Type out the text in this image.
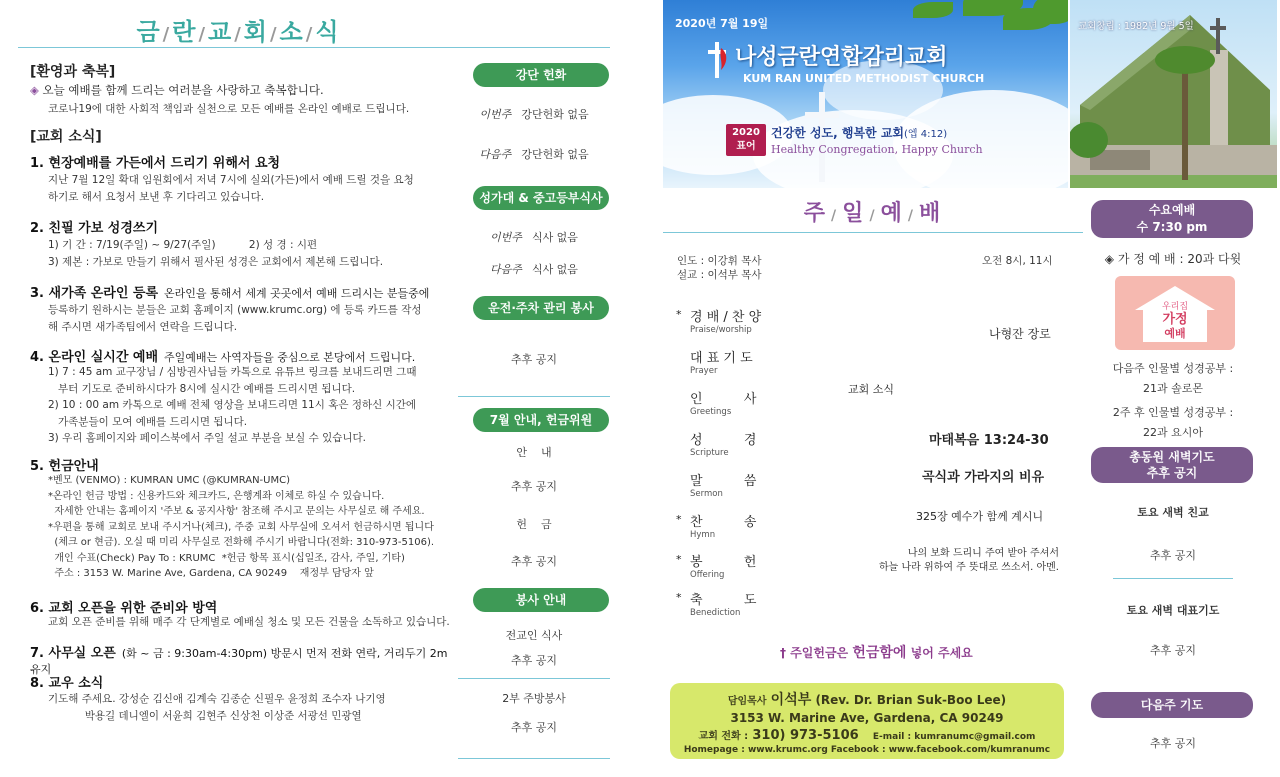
금 /란 /교 /회 /소 /식
[환영과 축복]
◈ 오늘 예배를 함께 드리는 여러분을 사랑하고 축복합니다.
코로나19에 대한 사회적 책임과 실천으로 모든 예배를 온라인 예배로 드립니다.
[교회 소식]
1. 현장예배를 가든에서 드리기 위해서 요청
지난 7월 12일 확대 임원회에서 저녁 7시에 실외(가든)에서 예배 드릴 것을 요청
하기로 해서 요청서 보낸 후 기다리고 있습니다.
2. 친필 가보 성경쓰기
1) 기 간 : 7/19(주일) ~ 9/27(주일)          2) 성 경 : 시편
3) 제본 : 가보로 만들기 위해서 필사된 성경은 교회에서 제본해 드립니다.
3. 새가족 온라인 등록 온라인을 통해서 세계 곳곳에서 예배 드리시는 분들중에
등록하기 원하시는 분들은 교회 홈페이지 (www.krumc.org) 에 등록 카드를 작성
해 주시면 새가족팀에서 연락을 드립니다.
4. 온라인 실시간 예배 주일예배는 사역자들을 중심으로 본당에서 드립니다.
1) 7 : 45 am 교구장님 / 심방권사님들 카톡으로 유튜브 링크를 보내드리면 그때
부터 기도로 준비하시다가 8시에 실시간 예배를 드리시면 됩니다.
2) 10 : 00 am 카톡으로 예배 전체 영상을 보내드리면 11시 혹은 정하신 시간에
가족분들이 모여 예배를 드리시면 됩니다.
3) 우리 홈페이지와 페이스북에서 주일 설교 부분을 보실 수 있습니다.
5. 헌금안내
*벤모 (VENMO) : KUMRAN UMC (@KUMRAN-UMC)
*온라인 헌금 방법 : 신용카드와 체크카드, 은행계좌 이체로 하실 수 있습니다.
자세한 안내는 홈페이지 '주보 & 공지사항' 참조해 주시고 문의는 사무실로 해 주세요.
*우편을 통해 교회로 보내 주시거나(체크), 주중 교회 사무실에 오셔서 헌금하시면 됩니다
(체크 or 현금). 오실 때 미리 사무실로 전화해 주시기 바랍니다(전화: 310-973-5106).
개인 수표(Check) Pay To : KRUMC  *헌금 항목 표시(십일조, 감사, 주일, 기타)
주소 : 3153 W. Marine Ave, Gardena, CA 90249    재정부 담당자 앞
6. 교회 오픈을 위한 준비와 방역
교회 오픈 준비를 위해 매주 각 단계별로 예배실 청소 및 모든 건물을 소독하고 있습니다.
7. 사무실 오픈 (화 ~ 금 : 9:30am-4:30pm) 방문시 먼저 전화 연락, 거리두기 2m 유지
8. 교우 소식
기도해 주세요. 강성순 김신애 김계숙 김종순 신필우 윤정희 조수자 나기영
박용길 데니엘이 서윤희 김현주 신상천 이상준 서광선 민광열
강단 헌화
이번주 강단헌화 없음
다음주 강단헌화 없음
성가대 & 중고등부식사
이번주 식사 없음
다음주 식사 없음
운전·주차 관리 봉사
추후 공지
7월 안내, 헌금위원
안    내
추후 공지
헌    금
추후 공지
봉사 안내
전교인 식사
추후 공지
2부 주방봉사
추후 공지
2020년 7월 19일
나성금란연합감리교회
KUM RAN UNITED METHODIST CHURCH
2020
표어
건강한 성도, 행복한 교회(엡 4:12)
Healthy Congregation, Happy Church
교회창립 : 1982년 9월 5일
주 / 일 / 예 / 배
인도 : 이강휘 목사
설교 : 이석부 목사
오전 8시, 11시
* 경 배 / 찬 양
Praise/worship
대 표 기 도
Prayer
나형잔 장로
인          사
Greetings
교회 소식
성          경
Scripture
마태복음 13:24-30
말          씀
Sermon
곡식과 가라지의 비유
* 찬          송
Hymn
325장 예수가 함께 계시니
* 봉          헌
Offering
나의 보화 드리니 주여 받아 주셔서
하늘 나라 위하여 주 뜻대로 쓰소서. 아멘.
* 축          도
Benediction
† 주일헌금은 헌금함에 넣어 주세요
담임목사 이석부 (Rev. Dr. Brian Suk-Boo Lee)
3153 W. Marine Ave, Gardena, CA 90249
교회 전화 : 310) 973-5106 E-mail : kumranumc@gmail.com
Homepage : www.krumc.org Facebook : www.facebook.com/kumranumc
수요예배
수 7:30 pm
◈ 가 정 예 배 : 20과 다윗
우리집
가정
예배
다음주 인물별 성경공부 :
21과 솔로몬
2주 후 인물별 성경공부 :
22과 요시아
총동원 새벽기도
추후 공지
토요 새벽 친교
추후 공지
토요 새벽 대표기도
추후 공지
다음주 기도
추후 공지
